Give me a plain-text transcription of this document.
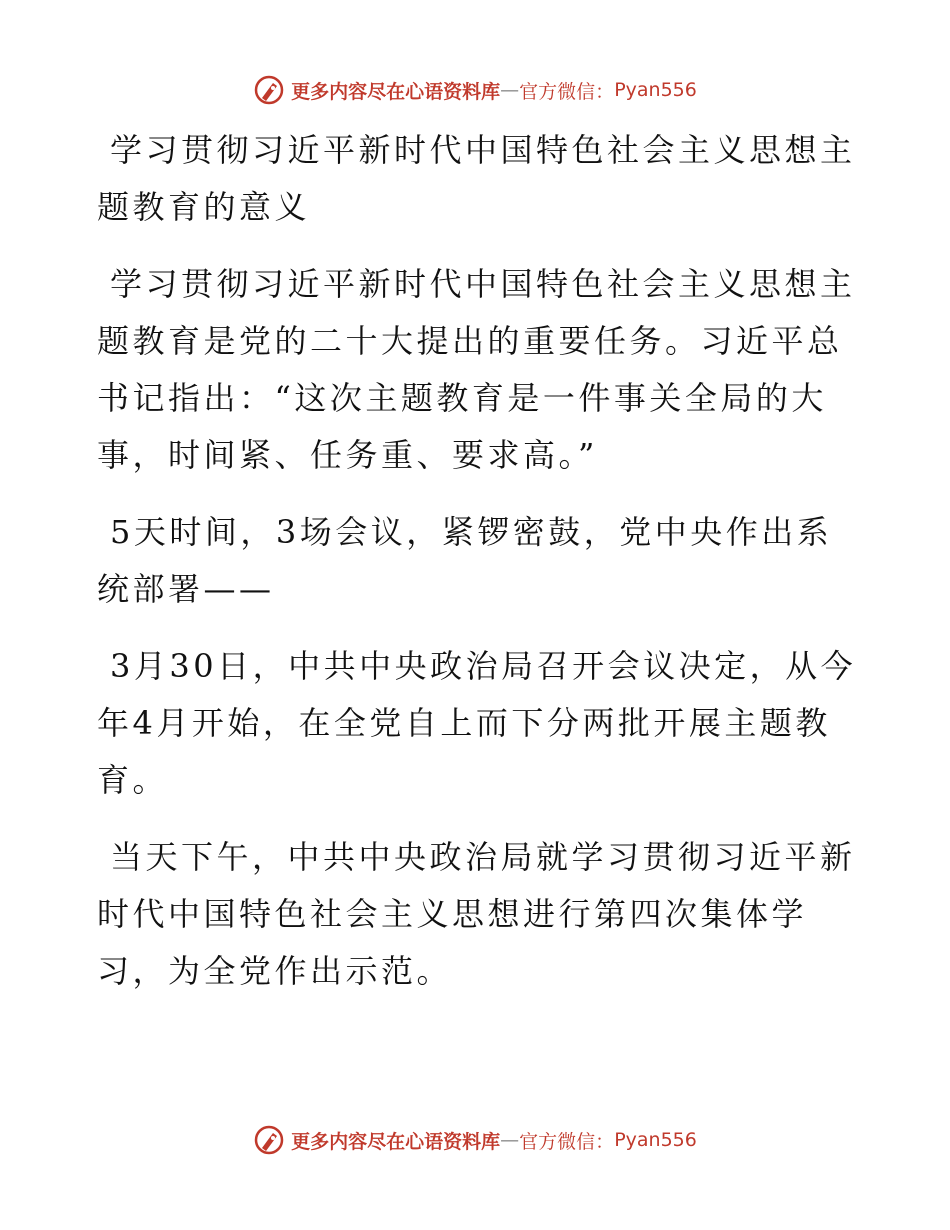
更多内容尽在心语资料库 — 官方微信： Pyan556

学习贯彻习近平新时代中国特色社会主义思想主题教育的意义

学习贯彻习近平新时代中国特色社会主义思想主题教育是党的二十大提出的重要任务。习近平总书记指出：“这次主题教育是一件事关全局的大事，时间紧、任务重、要求高。”

5天时间，3场会议，紧锣密鼓，党中央作出系统部署——

3月30日，中共中央政治局召开会议决定，从今年4月开始，在全党自上而下分两批开展主题教育。

当天下午，中共中央政治局就学习贯彻习近平新时代中国特色社会主义思想进行第四次集体学习，为全党作出示范。

更多内容尽在心语资料库 — 官方微信： Pyan556
